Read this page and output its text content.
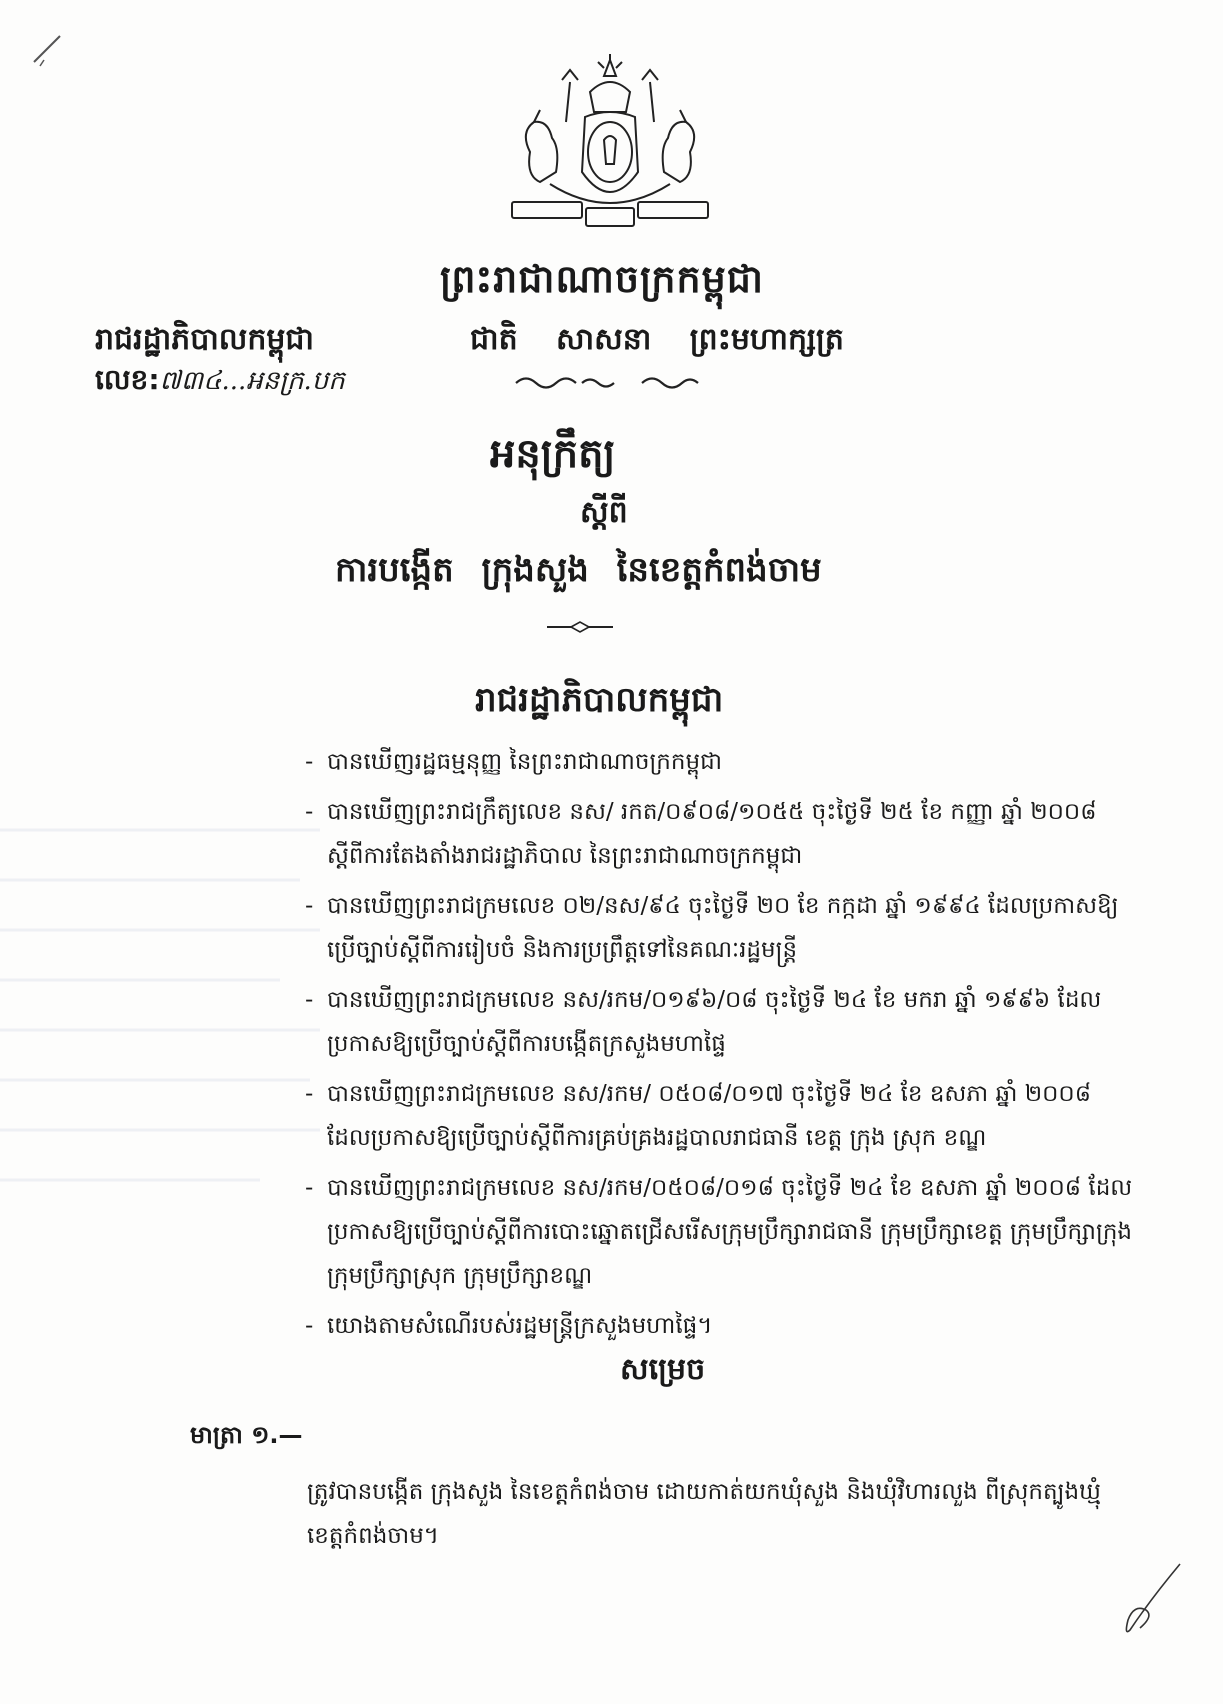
ព្រះរាជាណាចក្រកម្ពុជា
រាជរដ្ឋាភិបាលកម្ពុជា	ជាតិ សាសនា ព្រះមហាក្សត្រ
លេខ:៧៣៤...អនក្រ.បក
អនុក្រឹត្យ
ស្តីពី
ការបង្កើត ក្រុងសួង នៃខេត្តកំពង់ចាម
រាជរដ្ឋាភិបាលកម្ពុជា
- បានឃើញរដ្ឋធម្មនុញ្ញ នៃព្រះរាជាណាចក្រកម្ពុជា
- បានឃើញព្រះរាជក្រឹត្យលេខ នស/ រកត/០៩០៨/១០៥៥ ចុះថ្ងៃទី ២៥ ខែ កញ្ញា ឆ្នាំ ២០០៨ ស្តីពីការតែងតាំងរាជរដ្ឋាភិបាល នៃព្រះរាជាណាចក្រកម្ពុជា
- បានឃើញព្រះរាជក្រមលេខ ០២/នស/៩៤ ចុះថ្ងៃទី ២០ ខែ កក្កដា ឆ្នាំ ១៩៩៤ ដែលប្រកាសឱ្យប្រើច្បាប់ស្តីពីការរៀបចំ និងការប្រព្រឹត្តទៅនៃគណៈរដ្ឋមន្ត្រី
- បានឃើញព្រះរាជក្រមលេខ នស/រកម/០១៩៦/០៨ ចុះថ្ងៃទី ២៤ ខែ មករា ឆ្នាំ ១៩៩៦ ដែលប្រកាសឱ្យប្រើច្បាប់ស្តីពីការបង្កើតក្រសួងមហាផ្ទៃ
- បានឃើញព្រះរាជក្រមលេខ នស/រកម/ ០៥០៨/០១៧ ចុះថ្ងៃទី ២៤ ខែ ឧសភា ឆ្នាំ ២០០៨ ដែលប្រកាសឱ្យប្រើច្បាប់ស្តីពីការគ្រប់គ្រងរដ្ឋបាលរាជធានី ខេត្ត ក្រុង ស្រុក ខណ្ឌ
- បានឃើញព្រះរាជក្រមលេខ នស/រកម/០៥០៨/០១៨ ចុះថ្ងៃទី ២៤ ខែ ឧសភា ឆ្នាំ ២០០៨ ដែលប្រកាសឱ្យប្រើច្បាប់ស្តីពីការបោះឆ្នោតជ្រើសរើសក្រុមប្រឹក្សារាជធានី ក្រុមប្រឹក្សាខេត្ត ក្រុមប្រឹក្សាក្រុង ក្រុមប្រឹក្សាស្រុក ក្រុមប្រឹក្សាខណ្ឌ
- យោងតាមសំណើរបស់រដ្ឋមន្ត្រីក្រសួងមហាផ្ទៃ។
សម្រេច
មាត្រា ១.—
ត្រូវបានបង្កើត ក្រុងសួង នៃខេត្តកំពង់ចាម ដោយកាត់យកឃុំសួង និងឃុំវិហារលួង ពីស្រុកត្បូងឃ្មុំ ខេត្តកំពង់ចាម។
